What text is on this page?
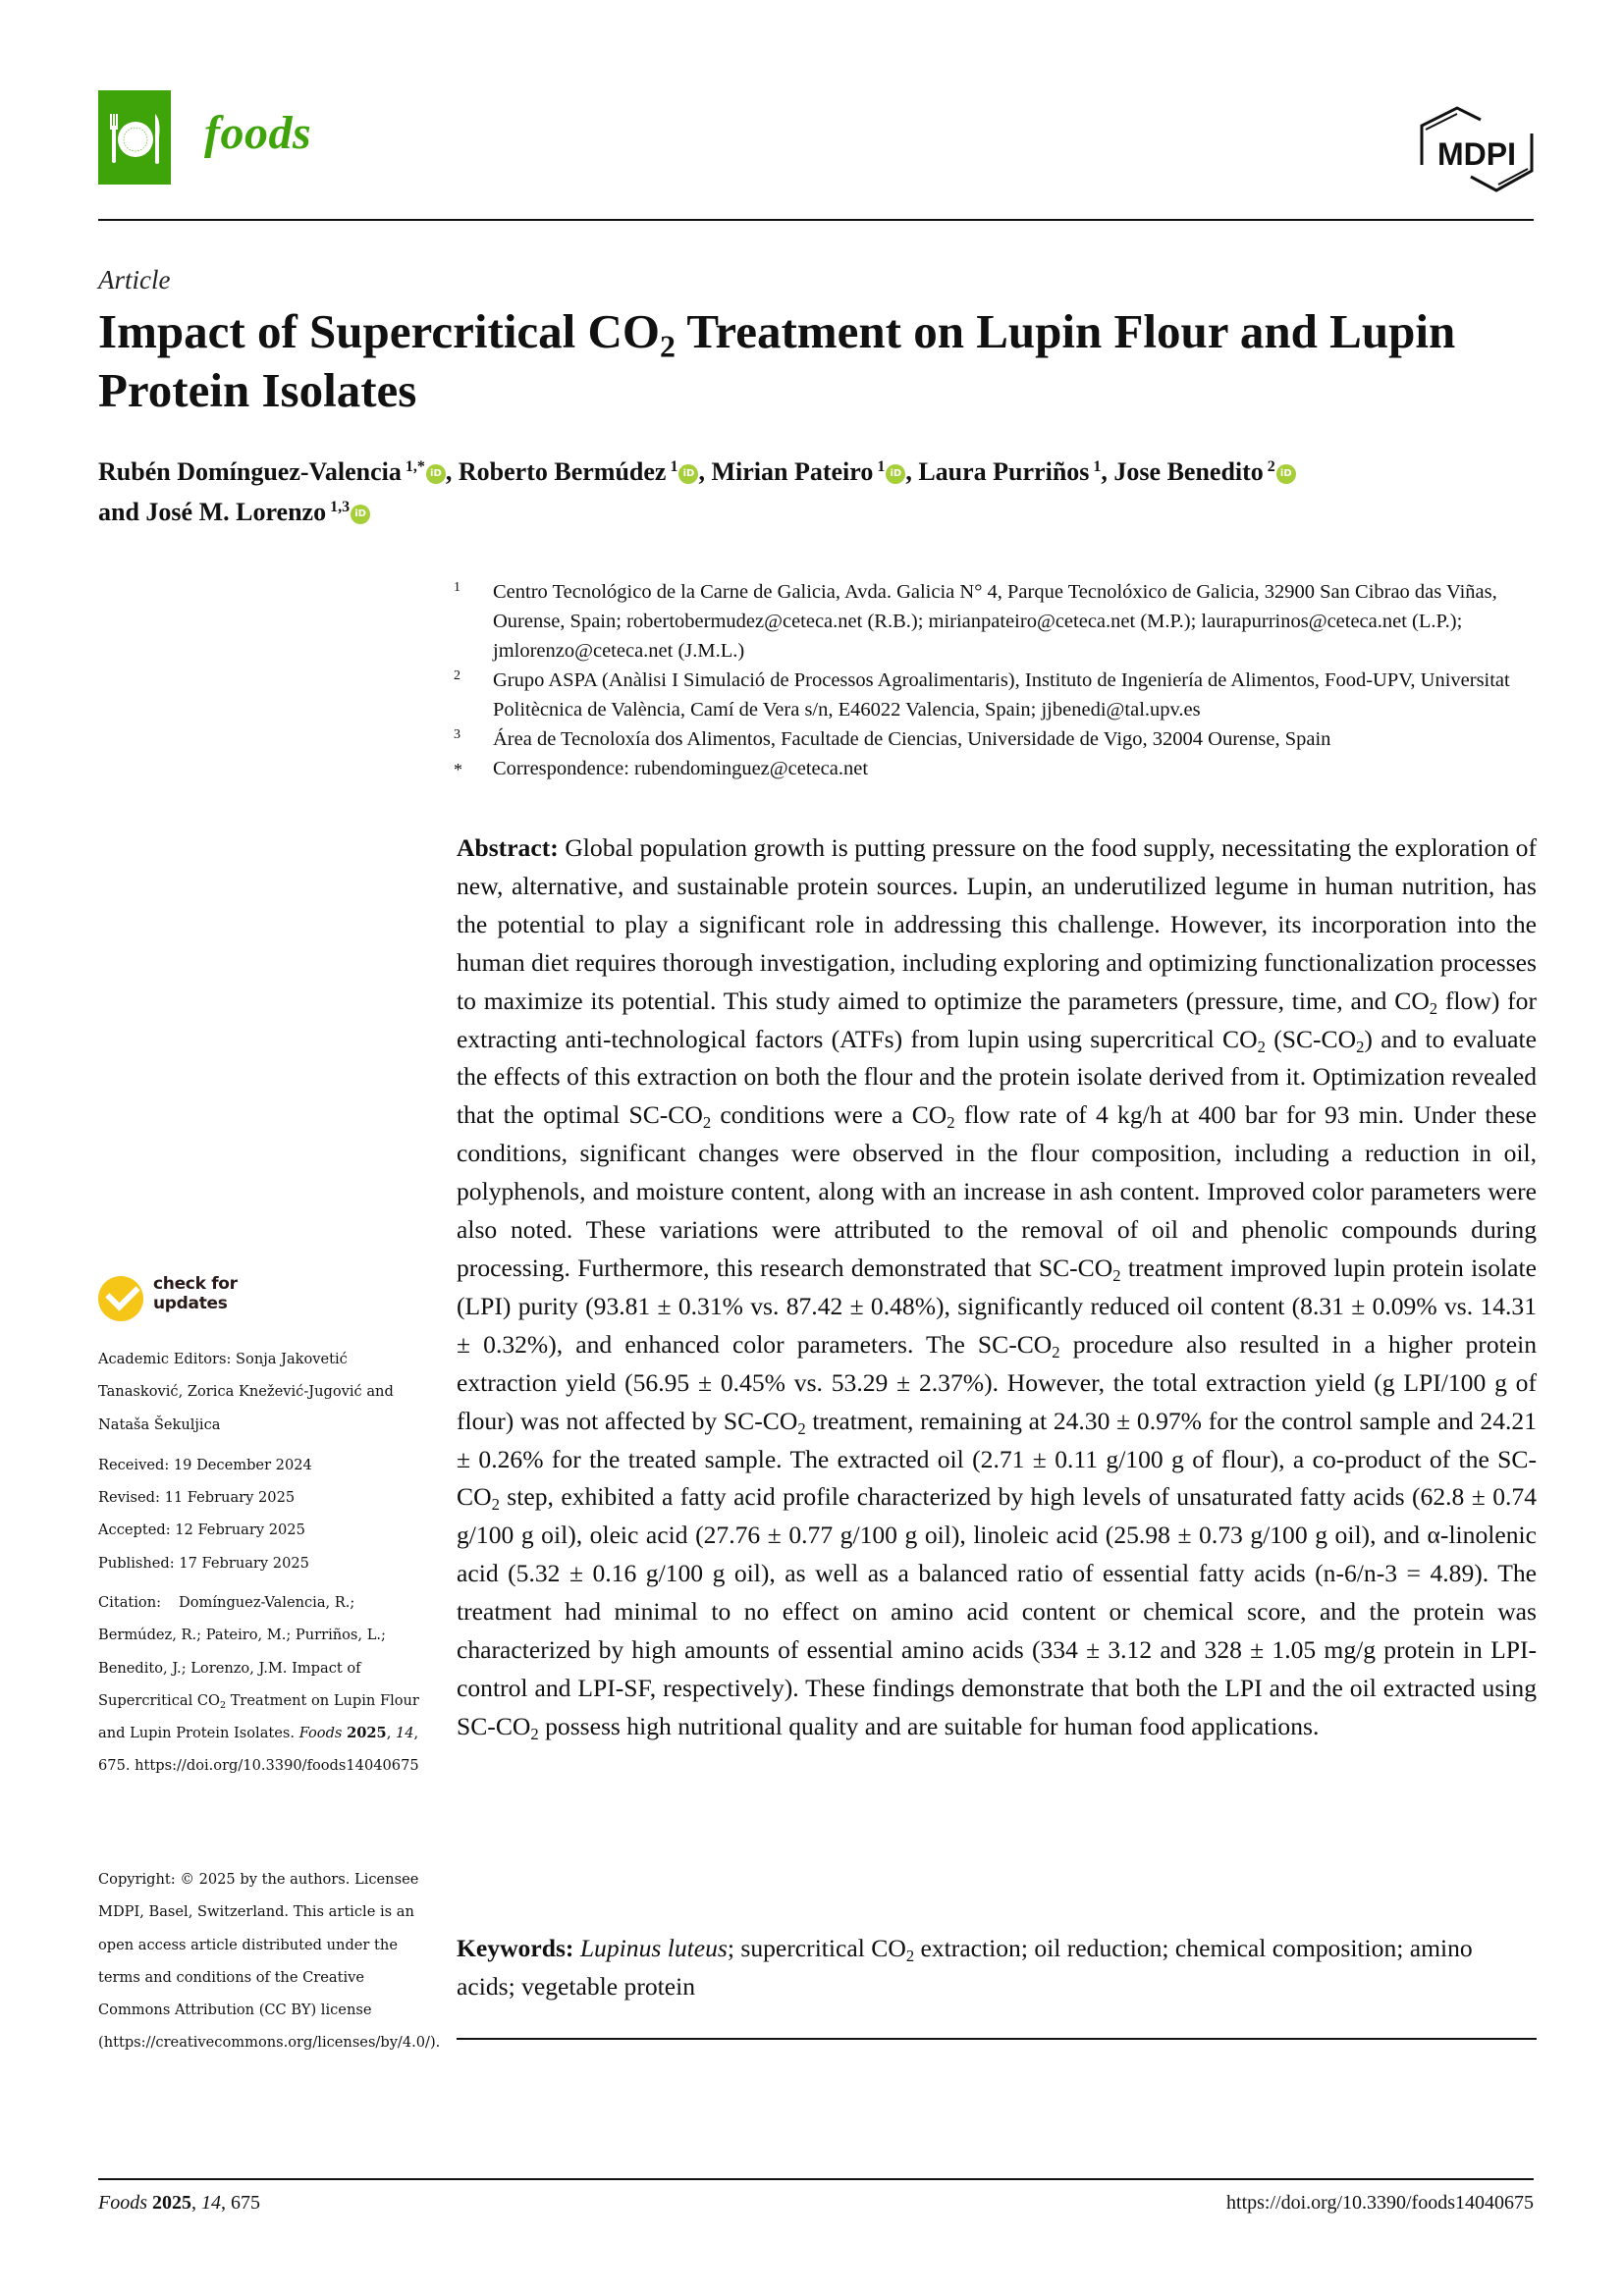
foods	MDPI
Article
Impact of Supercritical $CO_2$ Treatment on Lupin Flour and Lupin Protein Isolates
Rubén Domínguez-Valencia $^{1,*}$ iD , Roberto Bermúdez $^1$ iD , Mirian Pateiro $^1$ iD , Laura Purriños $^1$, Jose Benedito $^2$ iD
and José M. Lorenzo $^{1,3}$ iD
1 Centro Tecnológico de la Carne de Galicia, Avda. Galicia N° 4, Parque Tecnolóxico de Galicia, 32900 San Cibrao das Viñas, Ourense, Spain; robertobermudez@ceteca.net (R.B.); mirianpateiro@ceteca.net (M.P.); laurapurrinos@ceteca.net (L.P.); jmlorenzo@ceteca.net (J.M.L.)
2 Grupo ASPA (Anàlisi I Simulació de Processos Agroalimentaris), Instituto de Ingeniería de Alimentos, Food-UPV, Universitat Politècnica de València, Camí de Vera s/n, E46022 Valencia, Spain; jjbenedi@tal.upv.es
3 Área de Tecnoloxía dos Alimentos, Facultade de Ciencias, Universidade de Vigo, 32004 Ourense, Spain
* Correspondence: rubendominguez@ceteca.net
Abstract: Global population growth is putting pressure on the food supply, necessitating the exploration of new, alternative, and sustainable protein sources. Lupin, an underutilized legume in human nutrition, has the potential to play a significant role in addressing this challenge. However, its incorporation into the human diet requires thorough investigation, including exploring and optimizing functionalization processes to maximize its potential. This study aimed to optimize the parameters (pressure, time, and $CO_2$ flow) for extracting anti-technological factors (ATFs) from lupin using supercritical $CO_2$ $(SC-CO_2)$ and to evaluate the effects of this extraction on both the flour and the protein isolate derived from it. Optimization revealed that the optimal $SC-CO_2$ conditions were a $CO_2$ flow rate of 4 kg/h at 400 bar for 93 min. Under these conditions, significant changes were observed in the flour composition, including a reduction in oil, polyphenols, and moisture content, along with an increase in ash content. Improved color parameters were also noted. These variations were attributed to the removal of oil and phenolic compounds during processing. Furthermore, this research demonstrated that $SC-CO_2$ treatment improved lupin protein isolate (LPI) purity (93.81 ± 0.31% vs. 87.42 ± 0.48%), significantly reduced oil content (8.31 ± 0.09% vs. 14.31 ± 0.32%), and enhanced color parameters. The $SC-CO_2$ procedure also resulted in a higher protein extraction yield (56.95 ± 0.45% vs. 53.29 ± 2.37%). However, the total extraction yield (g LPI/100 g of flour) was not affected by $SC-CO_2$ treatment, remaining at 24.30 ± 0.97% for the control sample and 24.21 ± 0.26% for the treated sample. The extracted oil (2.71 ± 0.11 g/100 g of flour), a co-product of the $SC-CO_2$ step, exhibited a fatty acid profile characterized by high levels of unsaturated fatty acids (62.8 ± 0.74 g/100 g oil), oleic acid (27.76 ± 0.77 g/100 g oil), linoleic acid (25.98 ± 0.73 g/100 g oil), and α-linolenic acid (5.32 ± 0.16 g/100 g oil), as well as a balanced ratio of essential fatty acids (n-6/n-3 = 4.89). The treatment had minimal to no effect on amino acid content or chemical score, and the protein was characterized by high amounts of essential amino acids (334 ± 3.12 and 328 ± 1.05 mg/g protein in LPI-control and LPI-SF, respectively). These findings demonstrate that both the LPI and the oil extracted using $SC-CO_2$ possess high nutritional quality and are suitable for human food applications.
Keywords: Lupinus luteus; supercritical $CO_2$ extraction; oil reduction; chemical composition; amino acids; vegetable protein
check for
updates

Academic Editors: Sonja Jakovetić Tanasković, Zorica Knežević-Jugović and Nataša Šekuljica

Received: 19 December 2024

Revised: 11 February 2025

Accepted: 12 February 2025

Published: 17 February 2025

Citation: Domínguez-Valencia, R.; Bermúdez, R.; Pateiro, M.; Purriños, L.; Benedito, J.; Lorenzo, J.M. Impact of Supercritical $CO_2$ Treatment on Lupin Flour and Lupin Protein Isolates. Foods 2025, 14, 675. https://doi.org/10.3390/foods14040675

Copyright: © 2025 by the authors. Licensee MDPI, Basel, Switzerland. This article is an open access article distributed under the terms and conditions of the Creative Commons Attribution (CC BY) license (https://creativecommons.org/licenses/by/4.0/).

Foods 2025, 14, 675	https://doi.org/10.3390/foods14040675
